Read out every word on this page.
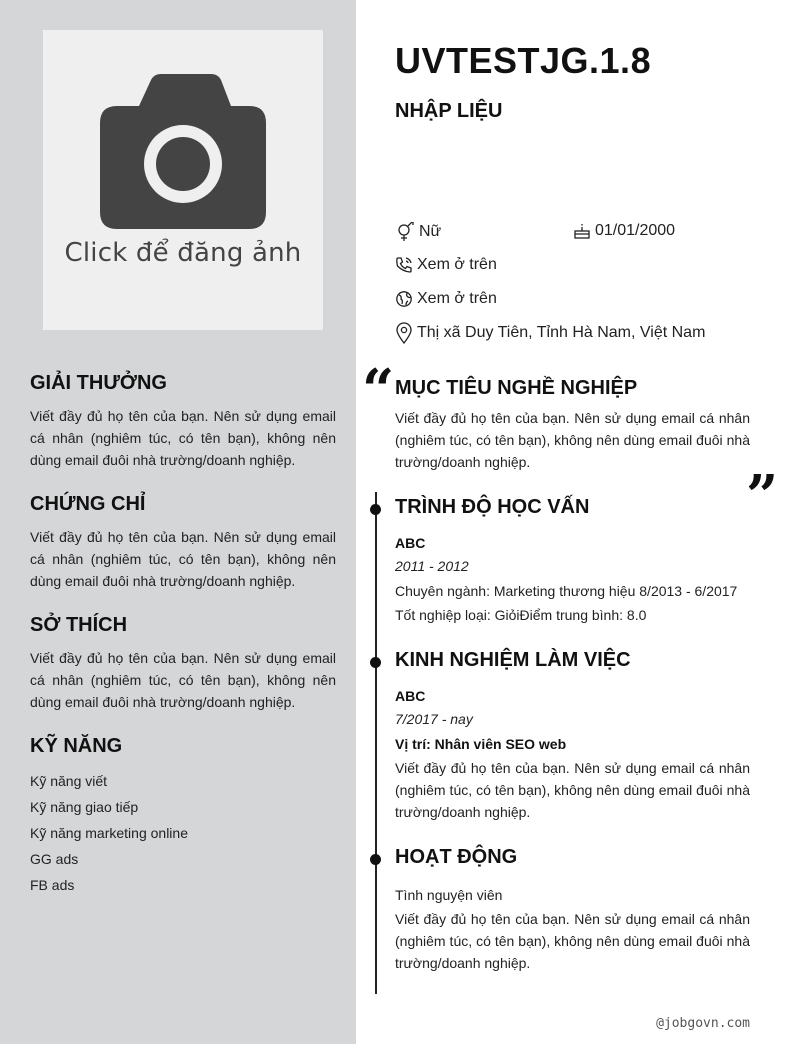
Click để đăng ảnh
GIẢI THƯỞNG

Viết đầy đủ họ tên của bạn. Nên sử dụng email cá nhân (nghiêm túc, có tên bạn), không nên dùng email đuôi nhà trường/doanh nghiệp.

CHỨNG CHỈ

Viết đầy đủ họ tên của bạn. Nên sử dụng email cá nhân (nghiêm túc, có tên bạn), không nên dùng email đuôi nhà trường/doanh nghiệp.

SỞ THÍCH

Viết đầy đủ họ tên của bạn. Nên sử dụng email cá nhân (nghiêm túc, có tên bạn), không nên dùng email đuôi nhà trường/doanh nghiệp.

KỸ NĂNG
Kỹ năng viết
Kỹ năng giao tiếp
Kỹ năng marketing online
GG ads
FB ads
UVTESTJG.1.8
NHẬP LIỆU
Nữ	01/01/2000
Xem ở trên
Xem ở trên
Thị xã Duy Tiên, Tỉnh Hà Nam, Việt Nam
“
”
MỤC TIÊU NGHỀ NGHIỆP
Viết đầy đủ họ tên của bạn. Nên sử dụng email cá nhân (nghiêm túc, có tên bạn), không nên dùng email đuôi nhà trường/doanh nghiệp.
TRÌNH ĐỘ HỌC VẤN
ABC
2011 - 2012
Chuyên ngành: Marketing thương hiệu 8/2013 - 6/2017
Tốt nghiệp loại: GiỏiĐiểm trung bình: 8.0
KINH NGHIỆM LÀM VIỆC
ABC
7/2017 - nay
Vị trí: Nhân viên SEO web
Viết đầy đủ họ tên của bạn. Nên sử dụng email cá nhân (nghiêm túc, có tên bạn), không nên dùng email đuôi nhà trường/doanh nghiệp.
HOẠT ĐỘNG
Tình nguyện viên
Viết đầy đủ họ tên của bạn. Nên sử dụng email cá nhân (nghiêm túc, có tên bạn), không nên dùng email đuôi nhà trường/doanh nghiệp.
@jobgovn.com
